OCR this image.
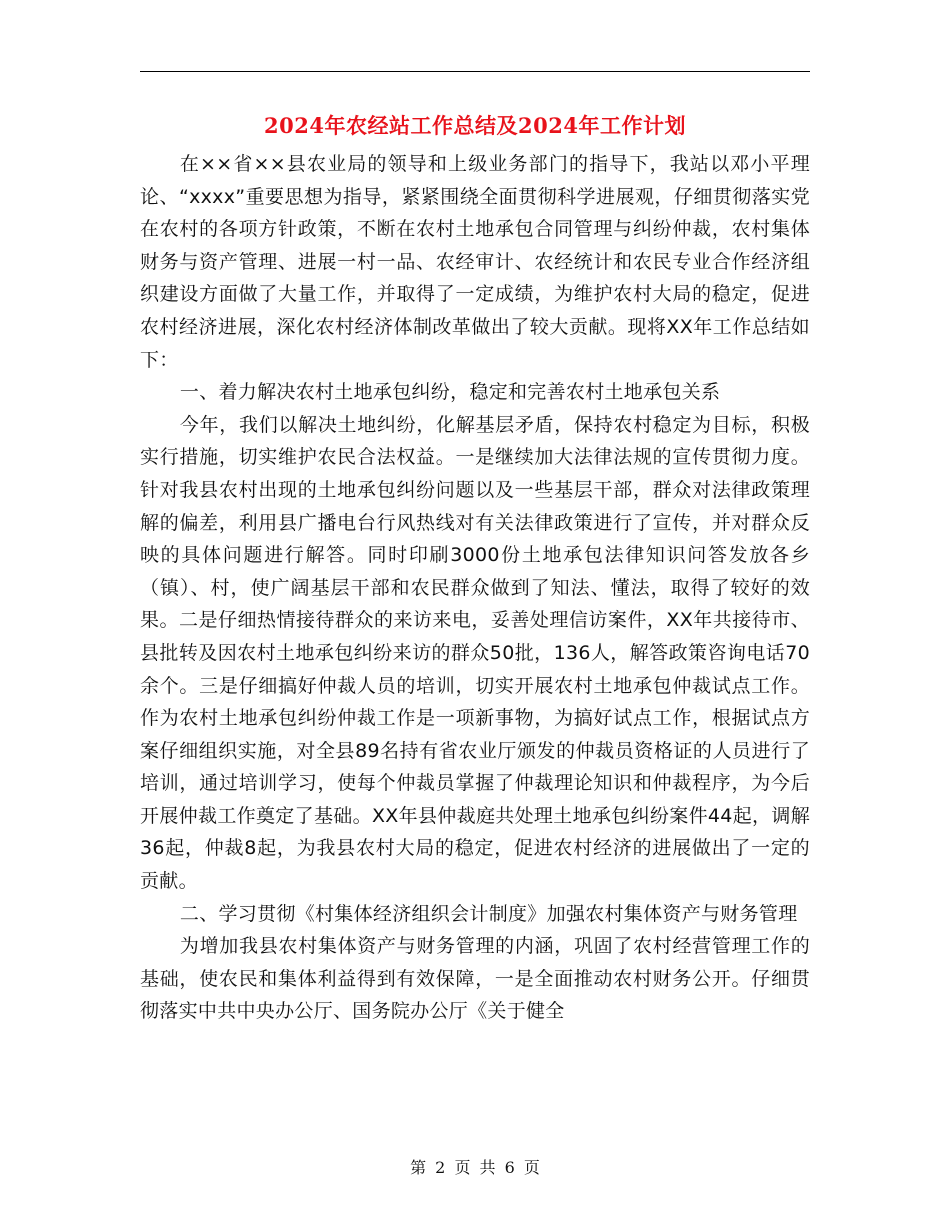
2024年农经站工作总结及2024年工作计划

在××省××县农业局的领导和上级业务部门的指导下，我站以邓小平理论、“xxxx”重要思想为指导，紧紧围绕全面贯彻科学进展观，仔细贯彻落实党在农村的各项方针政策，不断在农村土地承包合同管理与纠纷仲裁，农村集体财务与资产管理、进展一村一品、农经审计、农经统计和农民专业合作经济组织建设方面做了大量工作，并取得了一定成绩，为维护农村大局的稳定，促进农村经济进展，深化农村经济体制改革做出了较大贡献。现将XX年工作总结如下：

一、着力解决农村土地承包纠纷，稳定和完善农村土地承包关系

今年，我们以解决土地纠纷，化解基层矛盾，保持农村稳定为目标，积极实行措施，切实维护农民合法权益。一是继续加大法律法规的宣传贯彻力度。针对我县农村出现的土地承包纠纷问题以及一些基层干部，群众对法律政策理解的偏差，利用县广播电台行风热线对有关法律政策进行了宣传，并对群众反映的具体问题进行解答。同时印刷3000份土地承包法律知识问答发放各乡（镇）、村，使广阔基层干部和农民群众做到了知法、懂法，取得了较好的效果。二是仔细热情接待群众的来访来电，妥善处理信访案件，XX年共接待市、县批转及因农村土地承包纠纷来访的群众50批，136人，解答政策咨询电话70余个。三是仔细搞好仲裁人员的培训，切实开展农村土地承包仲裁试点工作。作为农村土地承包纠纷仲裁工作是一项新事物，为搞好试点工作，根据试点方案仔细组织实施，对全县89名持有省农业厅颁发的仲裁员资格证的人员进行了培训，通过培训学习，使每个仲裁员掌握了仲裁理论知识和仲裁程序，为今后开展仲裁工作奠定了基础。XX年县仲裁庭共处理土地承包纠纷案件44起，调解36起，仲裁8起，为我县农村大局的稳定，促进农村经济的进展做出了一定的贡献。

二、学习贯彻《村集体经济组织会计制度》加强农村集体资产与财务管理

为增加我县农村集体资产与财务管理的内涵，巩固了农村经营管理工作的基础，使农民和集体利益得到有效保障，一是全面推动农村财务公开。仔细贯彻落实中共中央办公厅、国务院办公厅《关于健全

第 2 页 共 6 页
